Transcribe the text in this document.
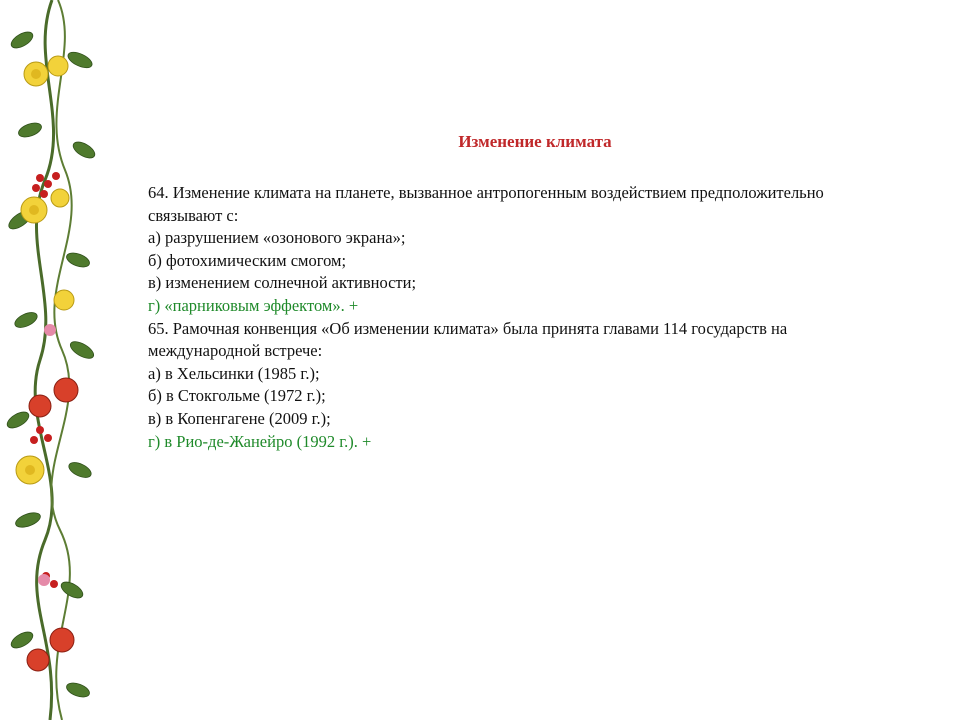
Изменение климата
64. Изменение климата на планете, вызванное антропогенным воздействием предположительно
связывают с:
а) разрушением «озонового экрана»;
б) фотохимическим смогом;
в) изменением солнечной активности;
г) «парниковым эффектом». +
65. Рамочная конвенция «Об изменении климата» была принята главами 114 государств на
международной встрече:
а) в Хельсинки (1985 г.);
б) в Стокгольме (1972 г.);
в) в Копенгагене (2009 г.);
г) в Рио-де-Жанейро (1992 г.). +
